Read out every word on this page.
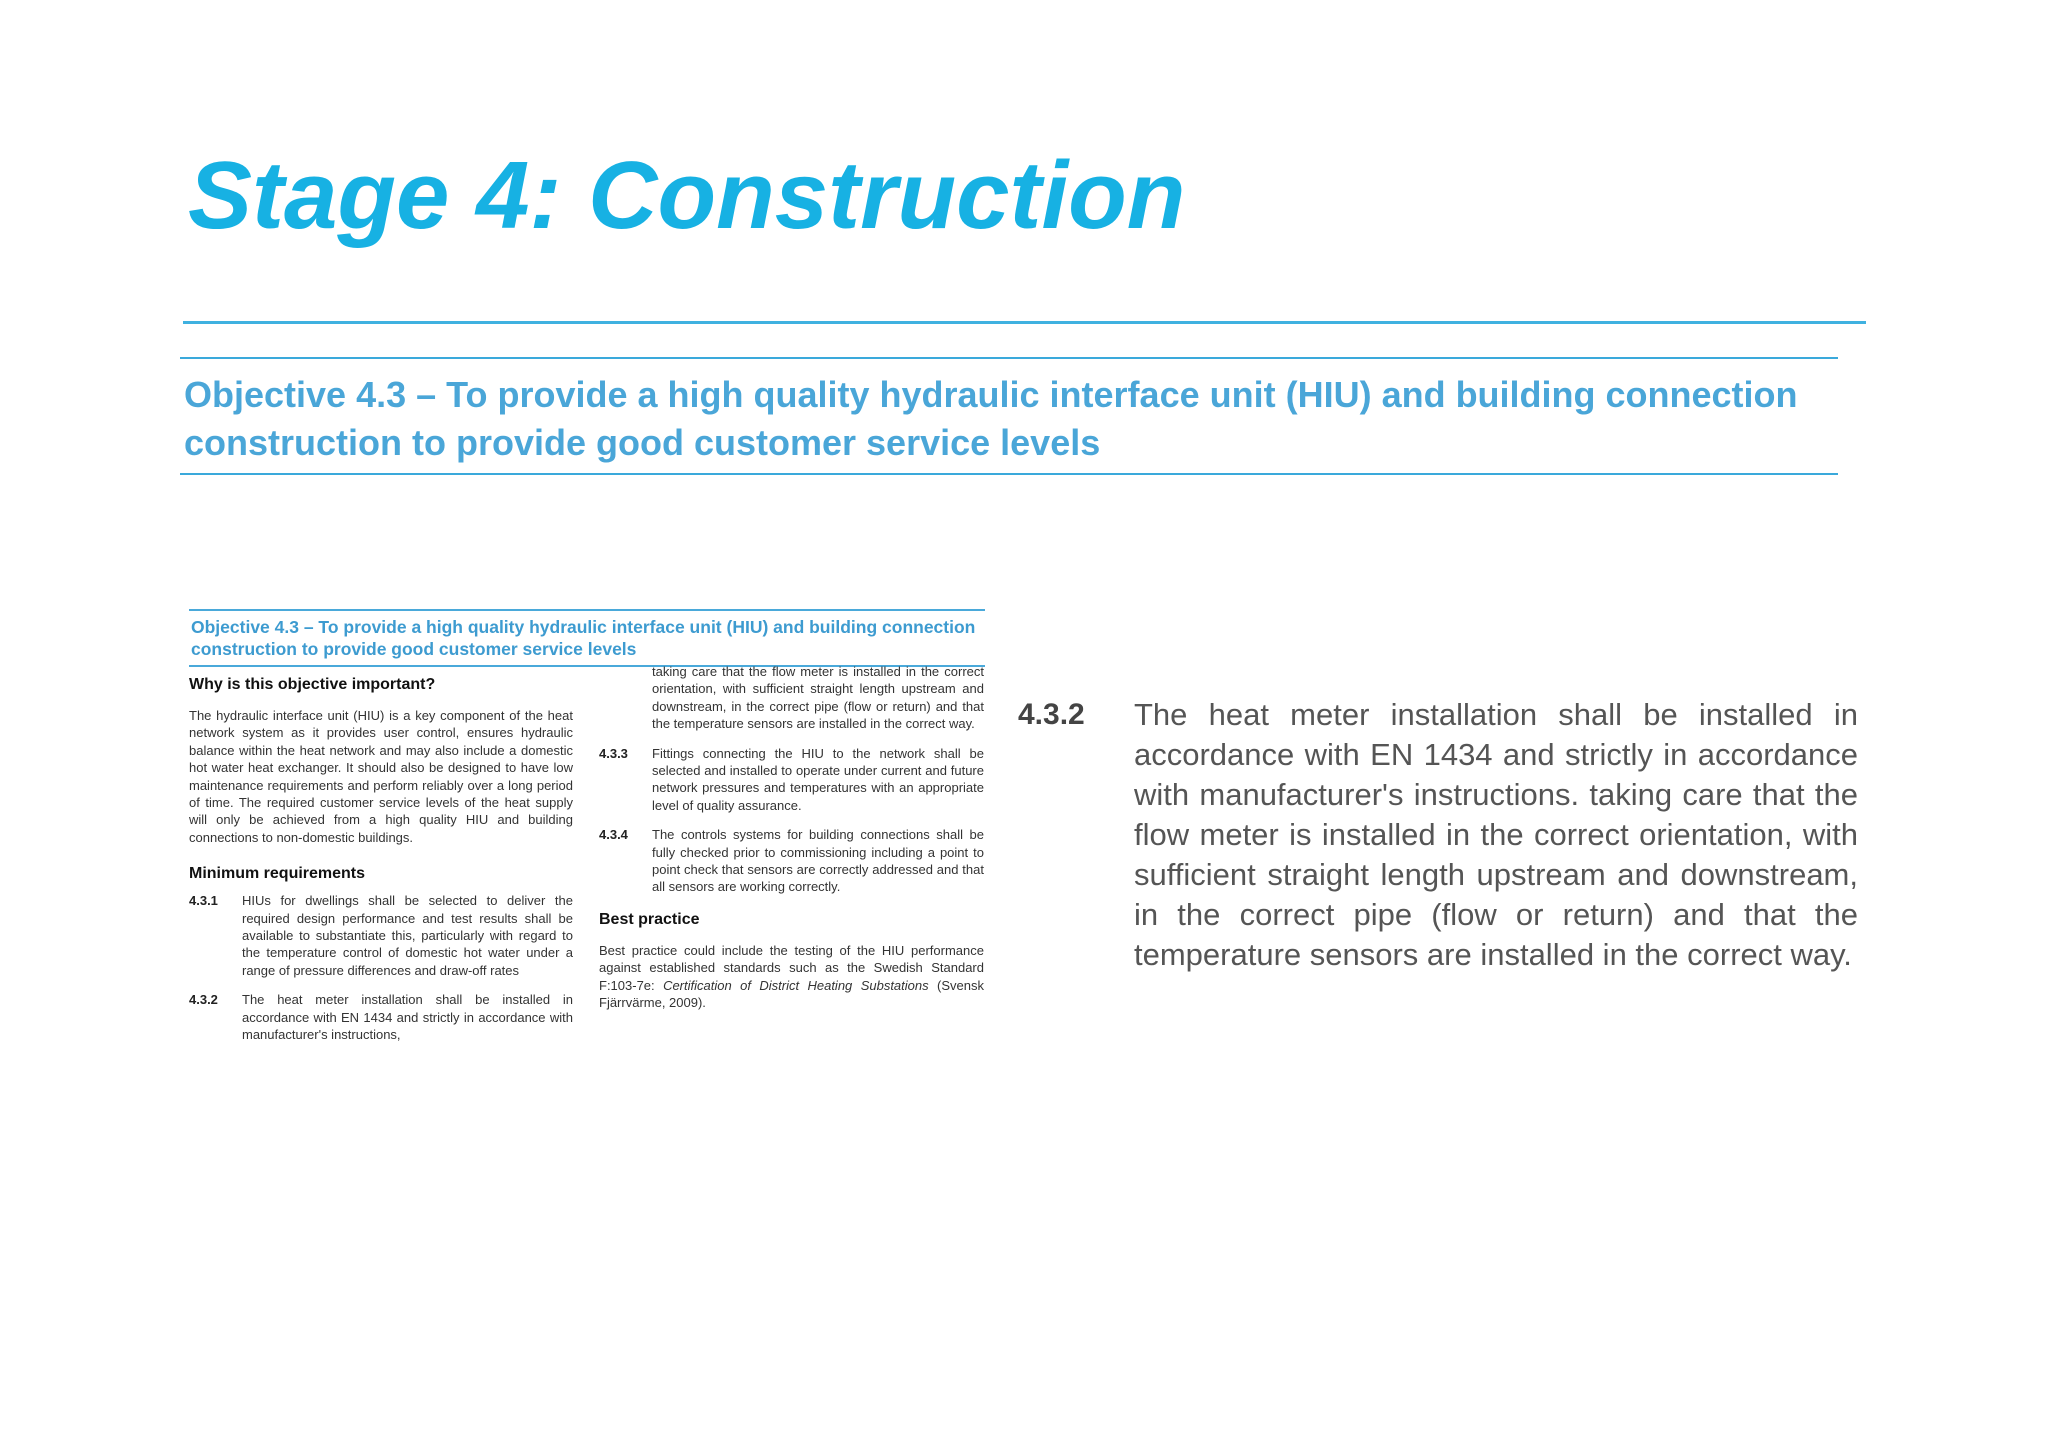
Stage 4: Construction

Objective 4.3 – To provide a high quality hydraulic interface unit (HIU) and building connection construction to provide good customer service levels

Objective 4.3 – To provide a high quality hydraulic interface unit (HIU) and building connection construction to provide good customer service levels

Why is this objective important?

The hydraulic interface unit (HIU) is a key component of the heat network system as it provides user control, ensures hydraulic balance within the heat network and may also include a domestic hot water heat exchanger. It should also be designed to have low maintenance requirements and perform reliably over a long period of time. The required customer service levels of the heat supply will only be achieved from a high quality HIU and building connections to non-domestic buildings.

Minimum requirements
4.3.1 HIUs for dwellings shall be selected to deliver the required design performance and test results shall be available to substantiate this, particularly with regard to the temperature control of domestic hot water under a range of pressure differences and draw-off rates
4.3.2 The heat meter installation shall be installed in accordance with EN 1434 and strictly in accordance with manufacturer's instructions,
taking care that the flow meter is installed in the correct orientation, with sufficient straight length upstream and downstream, in the correct pipe (flow or return) and that the temperature sensors are installed in the correct way.
4.3.3 Fittings connecting the HIU to the network shall be selected and installed to operate under current and future network pressures and temperatures with an appropriate level of quality assurance.
4.3.4 The controls systems for building connections shall be fully checked prior to commissioning including a point to point check that sensors are correctly addressed and that all sensors are working correctly.
Best practice

Best practice could include the testing of the HIU performance against established standards such as the Swedish Standard F:103-7e: Certification of District Heating Substations (Svensk Fjärrvärme, 2009).

4.3.2 The heat meter installation shall be installed in accordance with EN 1434 and strictly in accordance with manufacturer's instructions. taking care that the flow meter is installed in the correct orientation, with sufficient straight length upstream and downstream, in the correct pipe (flow or return) and that the temperature sensors are installed in the correct way.
